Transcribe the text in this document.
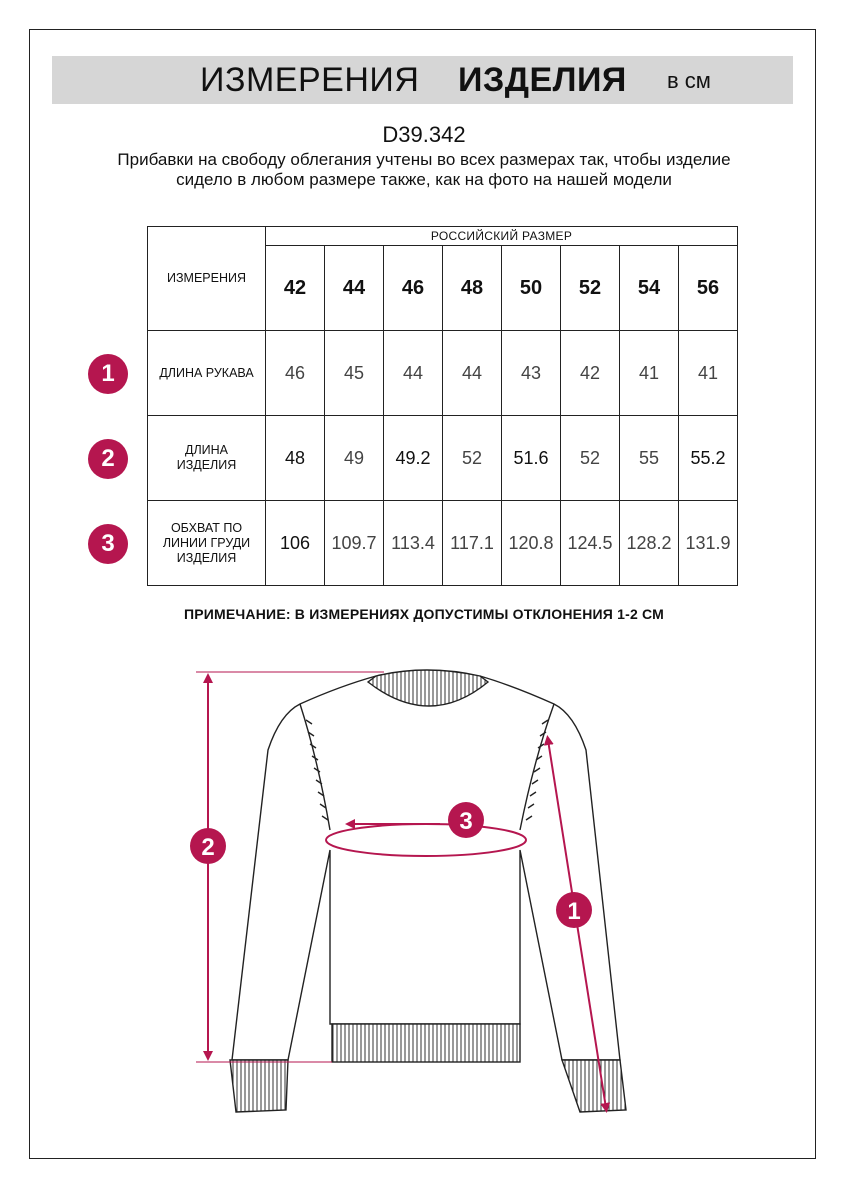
ИЗМЕРЕНИЯ ИЗДЕЛИЯ в см
D39.342
Прибавки на свободу облегания учтены во всех размерах так, чтобы изделие сидело в любом размере также, как на фото на нашей модели
ИЗМЕРЕНИЯ	РОССИЙСКИЙ РАЗМЕР							
	42	44	46	48	50	52	54	56
ДЛИНА РУКАВА	46	45	44	44	43	42	41	41
ДЛИНА ИЗДЕЛИЯ	48	49	49.2	52	51.6	52	55	55.2
ОБХВАТ ПО ЛИНИИ ГРУДИ ИЗДЕЛИЯ	106	109.7	113.4	117.1	120.8	124.5	128.2	131.9
1
2
3
ПРИМЕЧАНИЕ: В ИЗМЕРЕНИЯХ ДОПУСТИМЫ ОТКЛОНЕНИЯ 1-2 СМ
2
3
1
